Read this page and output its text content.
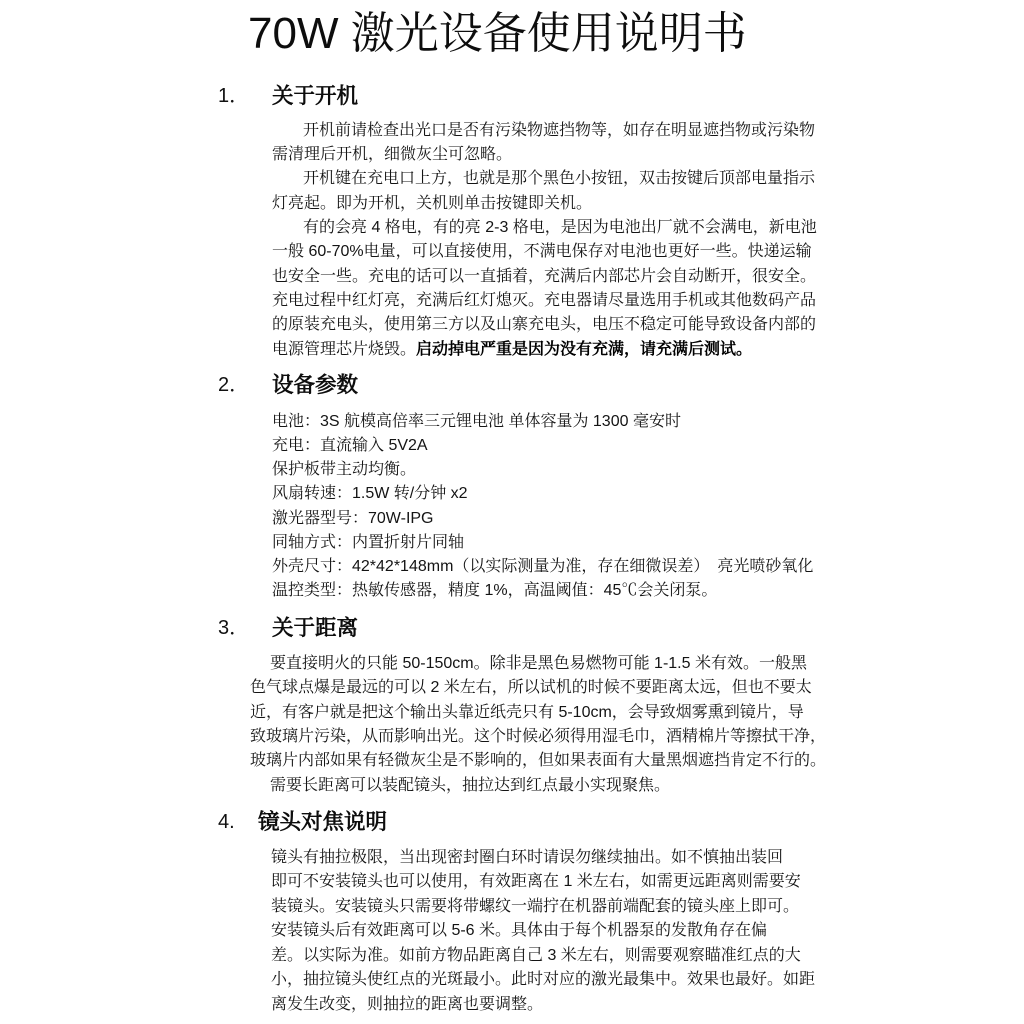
70W 激光设备使用说明书
1． 关于开机
开机前请检查出光口是否有污染物遮挡物等，如存在明显遮挡物或污染物
需清理后开机，细微灰尘可忽略。
开机键在充电口上方，也就是那个黑色小按钮，双击按键后顶部电量指示
灯亮起。即为开机，关机则单击按键即关机。
有的会亮 4 格电，有的亮 2-3 格电，是因为电池出厂就不会满电，新电池
一般 60-70%电量，可以直接使用，不满电保存对电池也更好一些。快递运输
也安全一些。充电的话可以一直插着，充满后内部芯片会自动断开，很安全。
充电过程中红灯亮，充满后红灯熄灭。充电器请尽量选用手机或其他数码产品
的原装充电头，使用第三方以及山寨充电头，电压不稳定可能导致设备内部的
电源管理芯片烧毁。启动掉电严重是因为没有充满，请充满后测试。
2． 设备参数
电池：3S 航模高倍率三元锂电池 单体容量为 1300 毫安时
充电：直流输入 5V2A
保护板带主动均衡。
风扇转速：1.5W 转/分钟 x2
激光器型号：70W-IPG
同轴方式：内置折射片同轴
外壳尺寸：42*42*148mm（以实际测量为准，存在细微误差）　亮光喷砂氧化
温控类型：热敏传感器，精度 1%，高温阈值：45℃会关闭泵。
3． 关于距离
要直接明火的只能 50-150cm。除非是黑色易燃物可能 1-1.5 米有效。一般黑
色气球点爆是最远的可以 2 米左右，所以试机的时候不要距离太远，但也不要太
近，有客户就是把这个输出头靠近纸壳只有 5-10cm，会导致烟雾熏到镜片，导
致玻璃片污染，从而影响出光。这个时候必须得用湿毛巾，酒精棉片等擦拭干净，
玻璃片内部如果有轻微灰尘是不影响的，但如果表面有大量黑烟遮挡肯定不行的。
需要长距离可以装配镜头，抽拉达到红点最小实现聚焦。
4. 镜头对焦说明
镜头有抽拉极限，当出现密封圈白环时请误勿继续抽出。如不慎抽出装回
即可不安装镜头也可以使用，有效距离在 1 米左右，如需更远距离则需要安
装镜头。安装镜头只需要将带螺纹一端拧在机器前端配套的镜头座上即可。
安装镜头后有效距离可以 5-6 米。具体由于每个机器泵的发散角存在偏
差。以实际为准。如前方物品距离自己 3 米左右，则需要观察瞄准红点的大
小，抽拉镜头使红点的光斑最小。此时对应的激光最集中。效果也最好。如距
离发生改变，则抽拉的距离也要调整。
